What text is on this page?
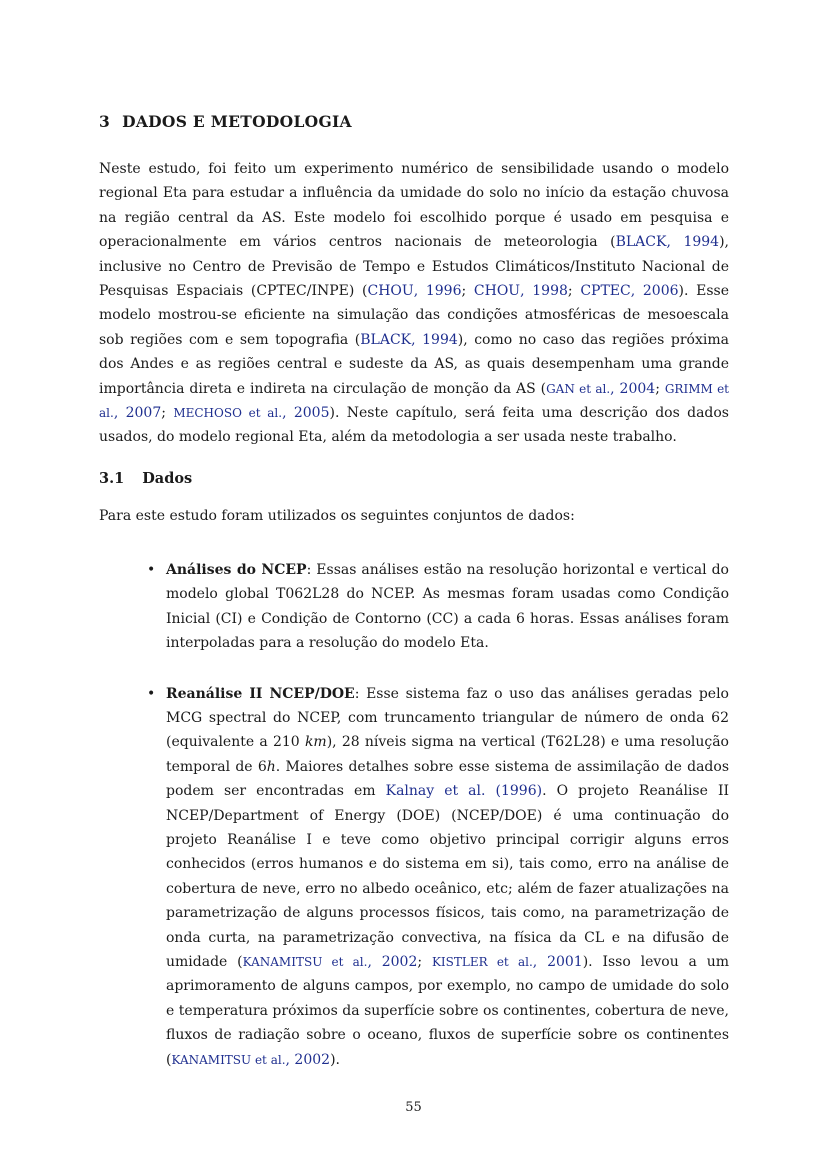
3 DADOS E METODOLOGIA

Neste estudo, foi feito um experimento numérico de sensibilidade usando o modelo regional Eta para estudar a influência da umidade do solo no início da estação chuvosa na região central da AS. Este modelo foi escolhido porque é usado em pesquisa e operacionalmente em vários centros nacionais de meteorologia (BLACK, 1994), inclusive no Centro de Previsão de Tempo e Estudos Climáticos/Instituto Nacional de Pesquisas Espaciais (CPTEC/INPE) (CHOU, 1996; CHOU, 1998; CPTEC, 2006). Esse modelo mostrou-se eficiente na simulação das condições atmosféricas de mesoescala sob regiões com e sem topografia (BLACK, 1994), como no caso das regiões próxima dos Andes e as regiões central e sudeste da AS, as quais desempenham uma grande importância direta e indireta na circulação de monção da AS (GAN et al., 2004; GRIMM et al., 2007; MECHOSO et al., 2005). Neste capítulo, será feita uma descrição dos dados usados, do modelo regional Eta, além da metodologia a ser usada neste trabalho.

3.1 Dados

Para este estudo foram utilizados os seguintes conjuntos de dados:

• Análises do NCEP: Essas análises estão na resolução horizontal e vertical do modelo global T062L28 do NCEP. As mesmas foram usadas como Condição Inicial (CI) e Condição de Contorno (CC) a cada 6 horas. Essas análises foram interpoladas para a resolução do modelo Eta.
• Reanálise II NCEP/DOE: Esse sistema faz o uso das análises geradas pelo MCG spectral do NCEP, com truncamento triangular de número de onda 62 (equivalente a 210 km), 28 níveis sigma na vertical (T62L28) e uma resolução temporal de 6h. Maiores detalhes sobre esse sistema de assimilação de dados podem ser encontradas em Kalnay et al. (1996). O projeto Reanálise II NCEP/Department of Energy (DOE) (NCEP/DOE) é uma continuação do projeto Reanálise I e teve como objetivo principal corrigir alguns erros conhecidos (erros humanos e do sistema em si), tais como, erro na análise de cobertura de neve, erro no albedo oceânico, etc; além de fazer atualizações na parametrização de alguns processos físicos, tais como, na parametrização de onda curta, na parametrização convectiva, na física da CL e na difusão de umidade (KANAMITSU et al., 2002; KISTLER et al., 2001). Isso levou a um aprimoramento de alguns campos, por exemplo, no campo de umidade do solo e temperatura próximos da superfície sobre os continentes, cobertura de neve, fluxos de radiação sobre o oceano, fluxos de superfície sobre os continentes (KANAMITSU et al., 2002).
55
